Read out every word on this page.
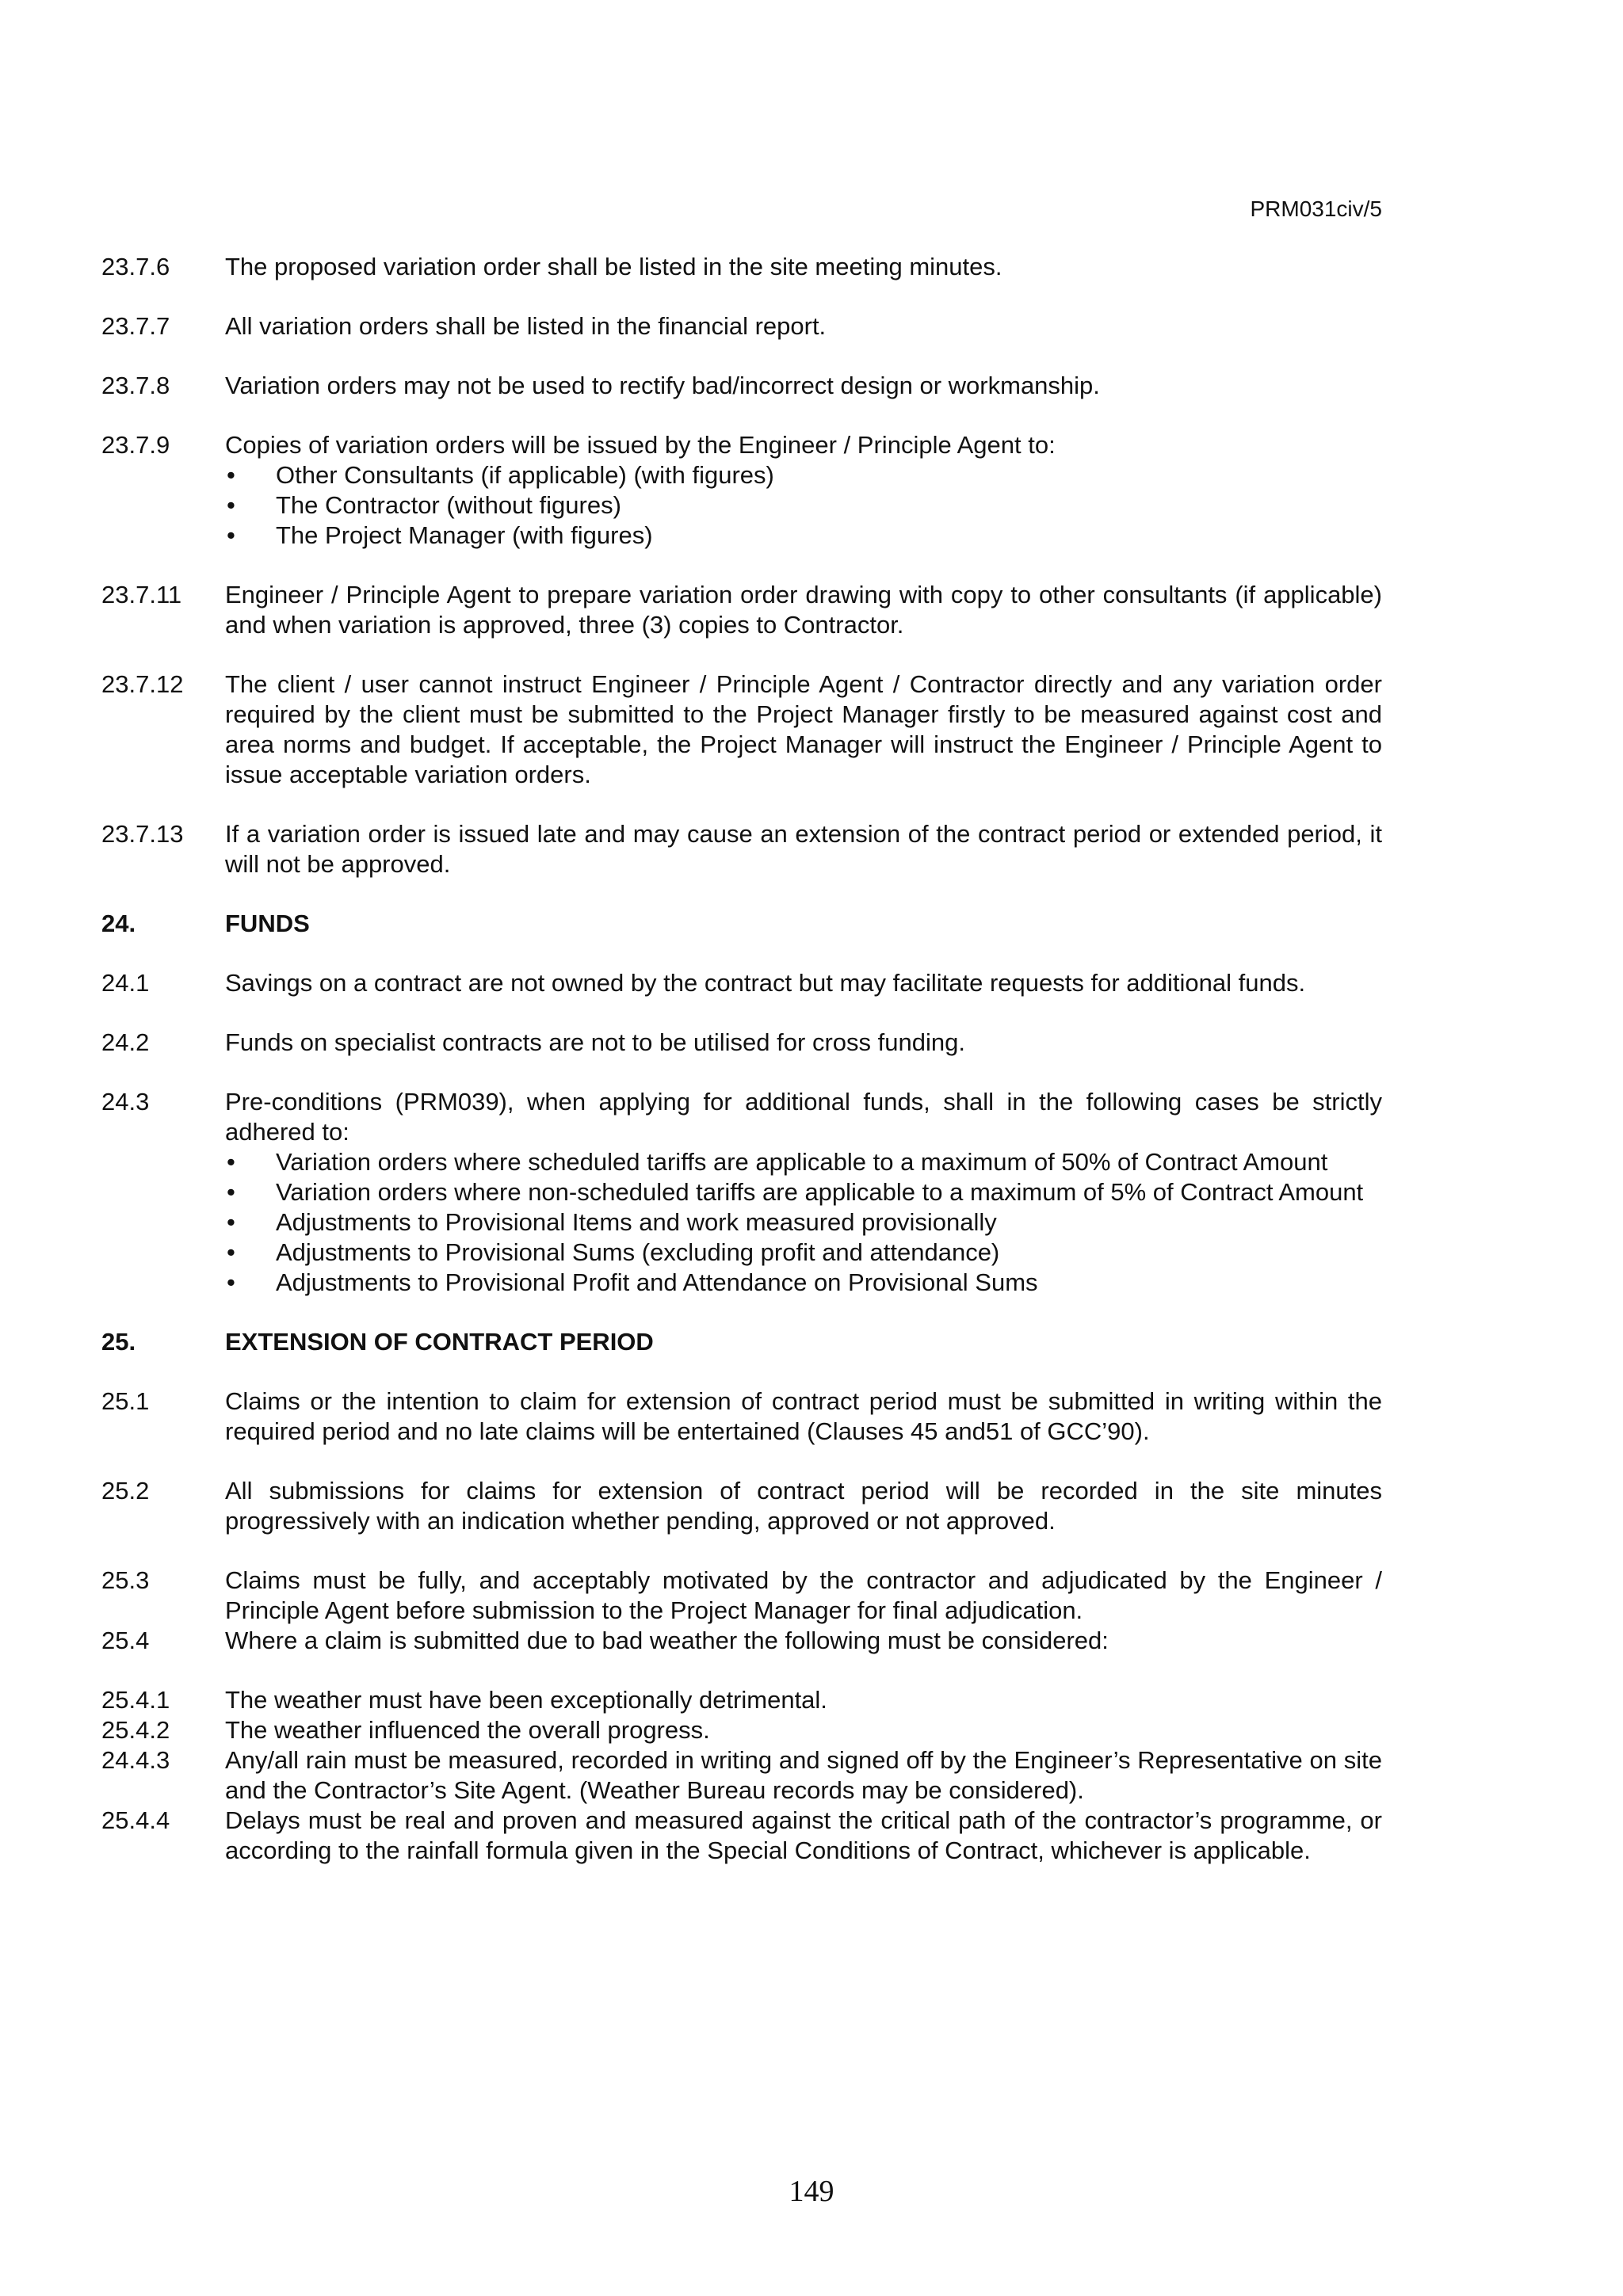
PRM031civ/5
23.7.6	The proposed variation order shall be listed in the site meeting minutes.
23.7.7	All variation orders shall be listed in the financial report.
23.7.8	Variation orders may not be used to rectify bad/incorrect design or workmanship.
23.7.9	Copies of variation orders will be issued by the Engineer / Principle Agent to:
•	Other Consultants (if applicable) (with figures)
•	The Contractor (without figures)
•	The Project Manager (with figures)
23.7.11	Engineer / Principle Agent to prepare variation order drawing with copy to other consultants (if applicable) and when variation is approved, three (3) copies to Contractor.
23.7.12	The client / user cannot instruct Engineer / Principle Agent / Contractor directly and any variation order required by the client must be submitted to the Project Manager firstly to be measured against cost and area norms and budget. If acceptable, the Project Manager will instruct the Engineer / Principle Agent to issue acceptable variation orders.
23.7.13	If a variation order is issued late and may cause an extension of the contract period or extended period, it will not be approved.
24.	FUNDS
24.1	Savings on a contract are not owned by the contract but may facilitate requests for additional funds.
24.2	Funds on specialist contracts are not to be utilised for cross funding.
24.3	Pre-conditions (PRM039), when applying for additional funds, shall in the following cases be strictly adhered to:
•	Variation orders where scheduled tariffs are applicable to a maximum of 50% of Contract Amount
•	Variation orders where non-scheduled tariffs are applicable to a maximum of 5% of Contract Amount
•	Adjustments to Provisional Items and work measured provisionally
•	Adjustments to Provisional Sums (excluding profit and attendance)
•	Adjustments to Provisional Profit and Attendance on Provisional Sums
25.	EXTENSION OF CONTRACT PERIOD
25.1	Claims or the intention to claim for extension of contract period must be submitted in writing within the required period and no late claims will be entertained (Clauses 45 and51 of GCC’90).
25.2	All submissions for claims for extension of contract period will be recorded in the site minutes progressively with an indication whether pending, approved or not approved.
25.3	Claims must be fully, and acceptably motivated by the contractor and adjudicated by the Engineer / Principle Agent before submission to the Project Manager for final adjudication.
25.4	Where a claim is submitted due to bad weather the following must be considered:
25.4.1	The weather must have been exceptionally detrimental.
25.4.2	The weather influenced the overall progress.
24.4.3	Any/all rain must be measured, recorded in writing and signed off by the Engineer’s Representative on site and the Contractor’s Site Agent. (Weather Bureau records may be considered).
25.4.4	Delays must be real and proven and measured against the critical path of the contractor’s programme, or according to the rainfall formula given in the Special Conditions of Contract, whichever is applicable.
149
